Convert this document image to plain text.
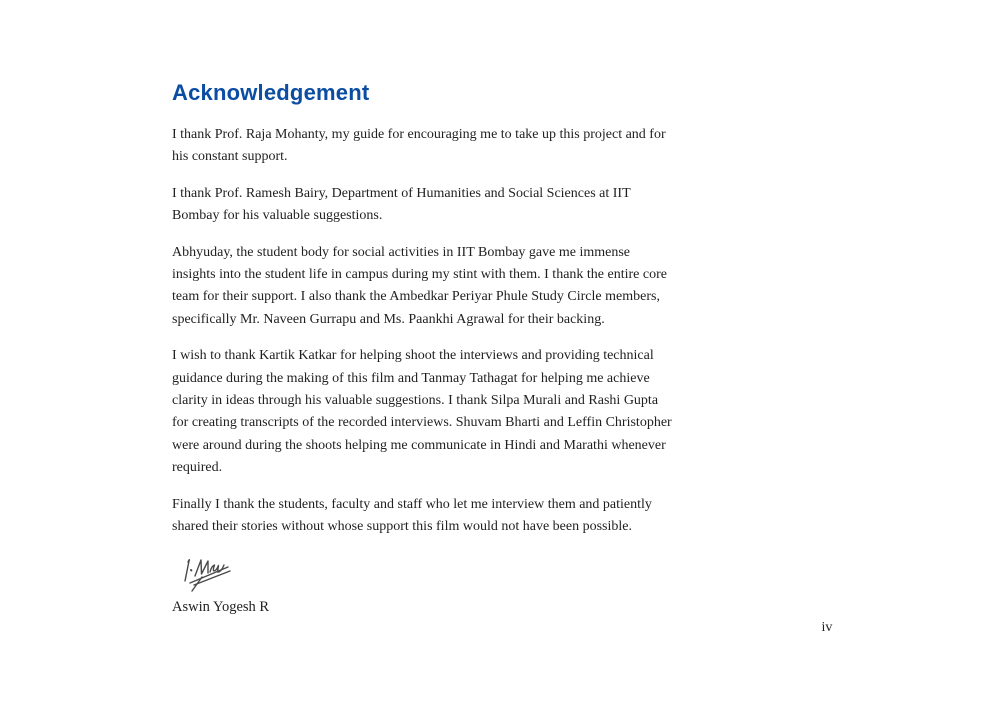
Acknowledgement

I thank Prof. Raja Mohanty, my guide for encouraging me to take up this project and for his constant support.

I thank Prof. Ramesh Bairy, Department of Humanities and Social Sciences at IIT Bombay for his valuable suggestions.

Abhyuday, the student body for social activities in IIT Bombay gave me immense insights into the student life in campus during my stint with them. I thank the entire core team for their support. I also thank the Ambedkar Periyar Phule Study Circle members, specifically Mr. Naveen Gurrapu and Ms. Paankhi Agrawal for their backing.

I wish to thank Kartik Katkar for helping shoot the interviews and providing technical guidance during the making of this film and Tanmay Tathagat for helping me achieve clarity in ideas through his valuable suggestions. I thank Silpa Murali and Rashi Gupta for creating transcripts of the recorded interviews. Shuvam Bharti and Leffin Christopher were around during the shoots helping me communicate in Hindi and Marathi whenever required.

Finally I thank the students, faculty and staff who let me interview them and patiently shared their stories without whose support this film would not have been possible.

Aswin Yogesh R
iv
